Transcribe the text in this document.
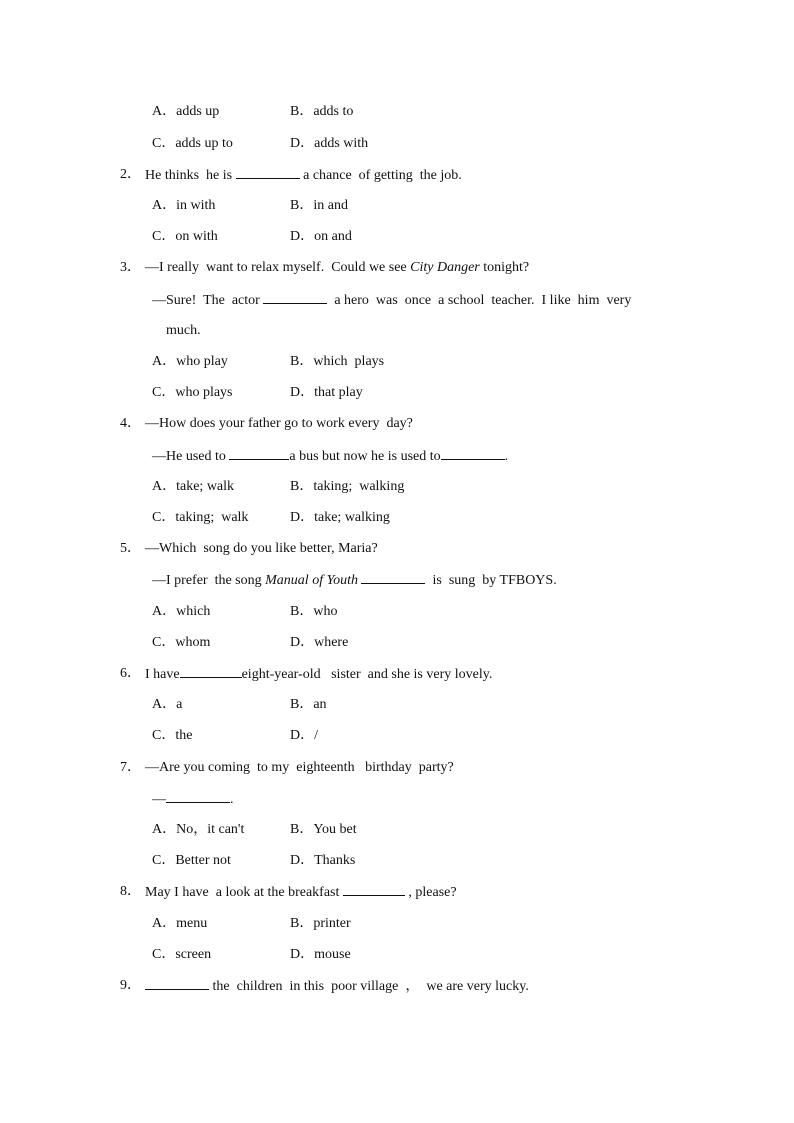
A．adds up	B．adds to
C．adds up to	D．adds with
2． He thinks  he is	a chance  of getting  the job.
A．in with	B．in and
C．on with	D．on and
3． —I really  want to relax myself.  Could we see City Danger tonight?
—Sure!  The  actor	a hero  was  once  a school  teacher.  I like  him  very
much.
A．who play	B．which  plays
C．who plays	D．that play
4． —How does your father go to work every  day?
—He used to	a bus but now he is used to	.
A．take; walk	B．taking;  walking
C．taking;  walk	D．take; walking
5． —Which  song do you like better, Maria?
—I prefer  the song Manual of Youth	is  sung  by TFBOYS.
A．which	B．who
C．whom	D．where
6． I have	eight-year-old   sister  and she is very lovely.
A．a	B．an
C．the	D．/
7． —Are you coming  to my  eighteenth   birthday  party?
—	.
A．No，it can't	B．You bet
C．Better not	D．Thanks
8． May I have  a look at the breakfast	, please?
A．menu	B．printer
C．screen	D．mouse
9．	the  children  in this  poor village  ，  we are very lucky.
